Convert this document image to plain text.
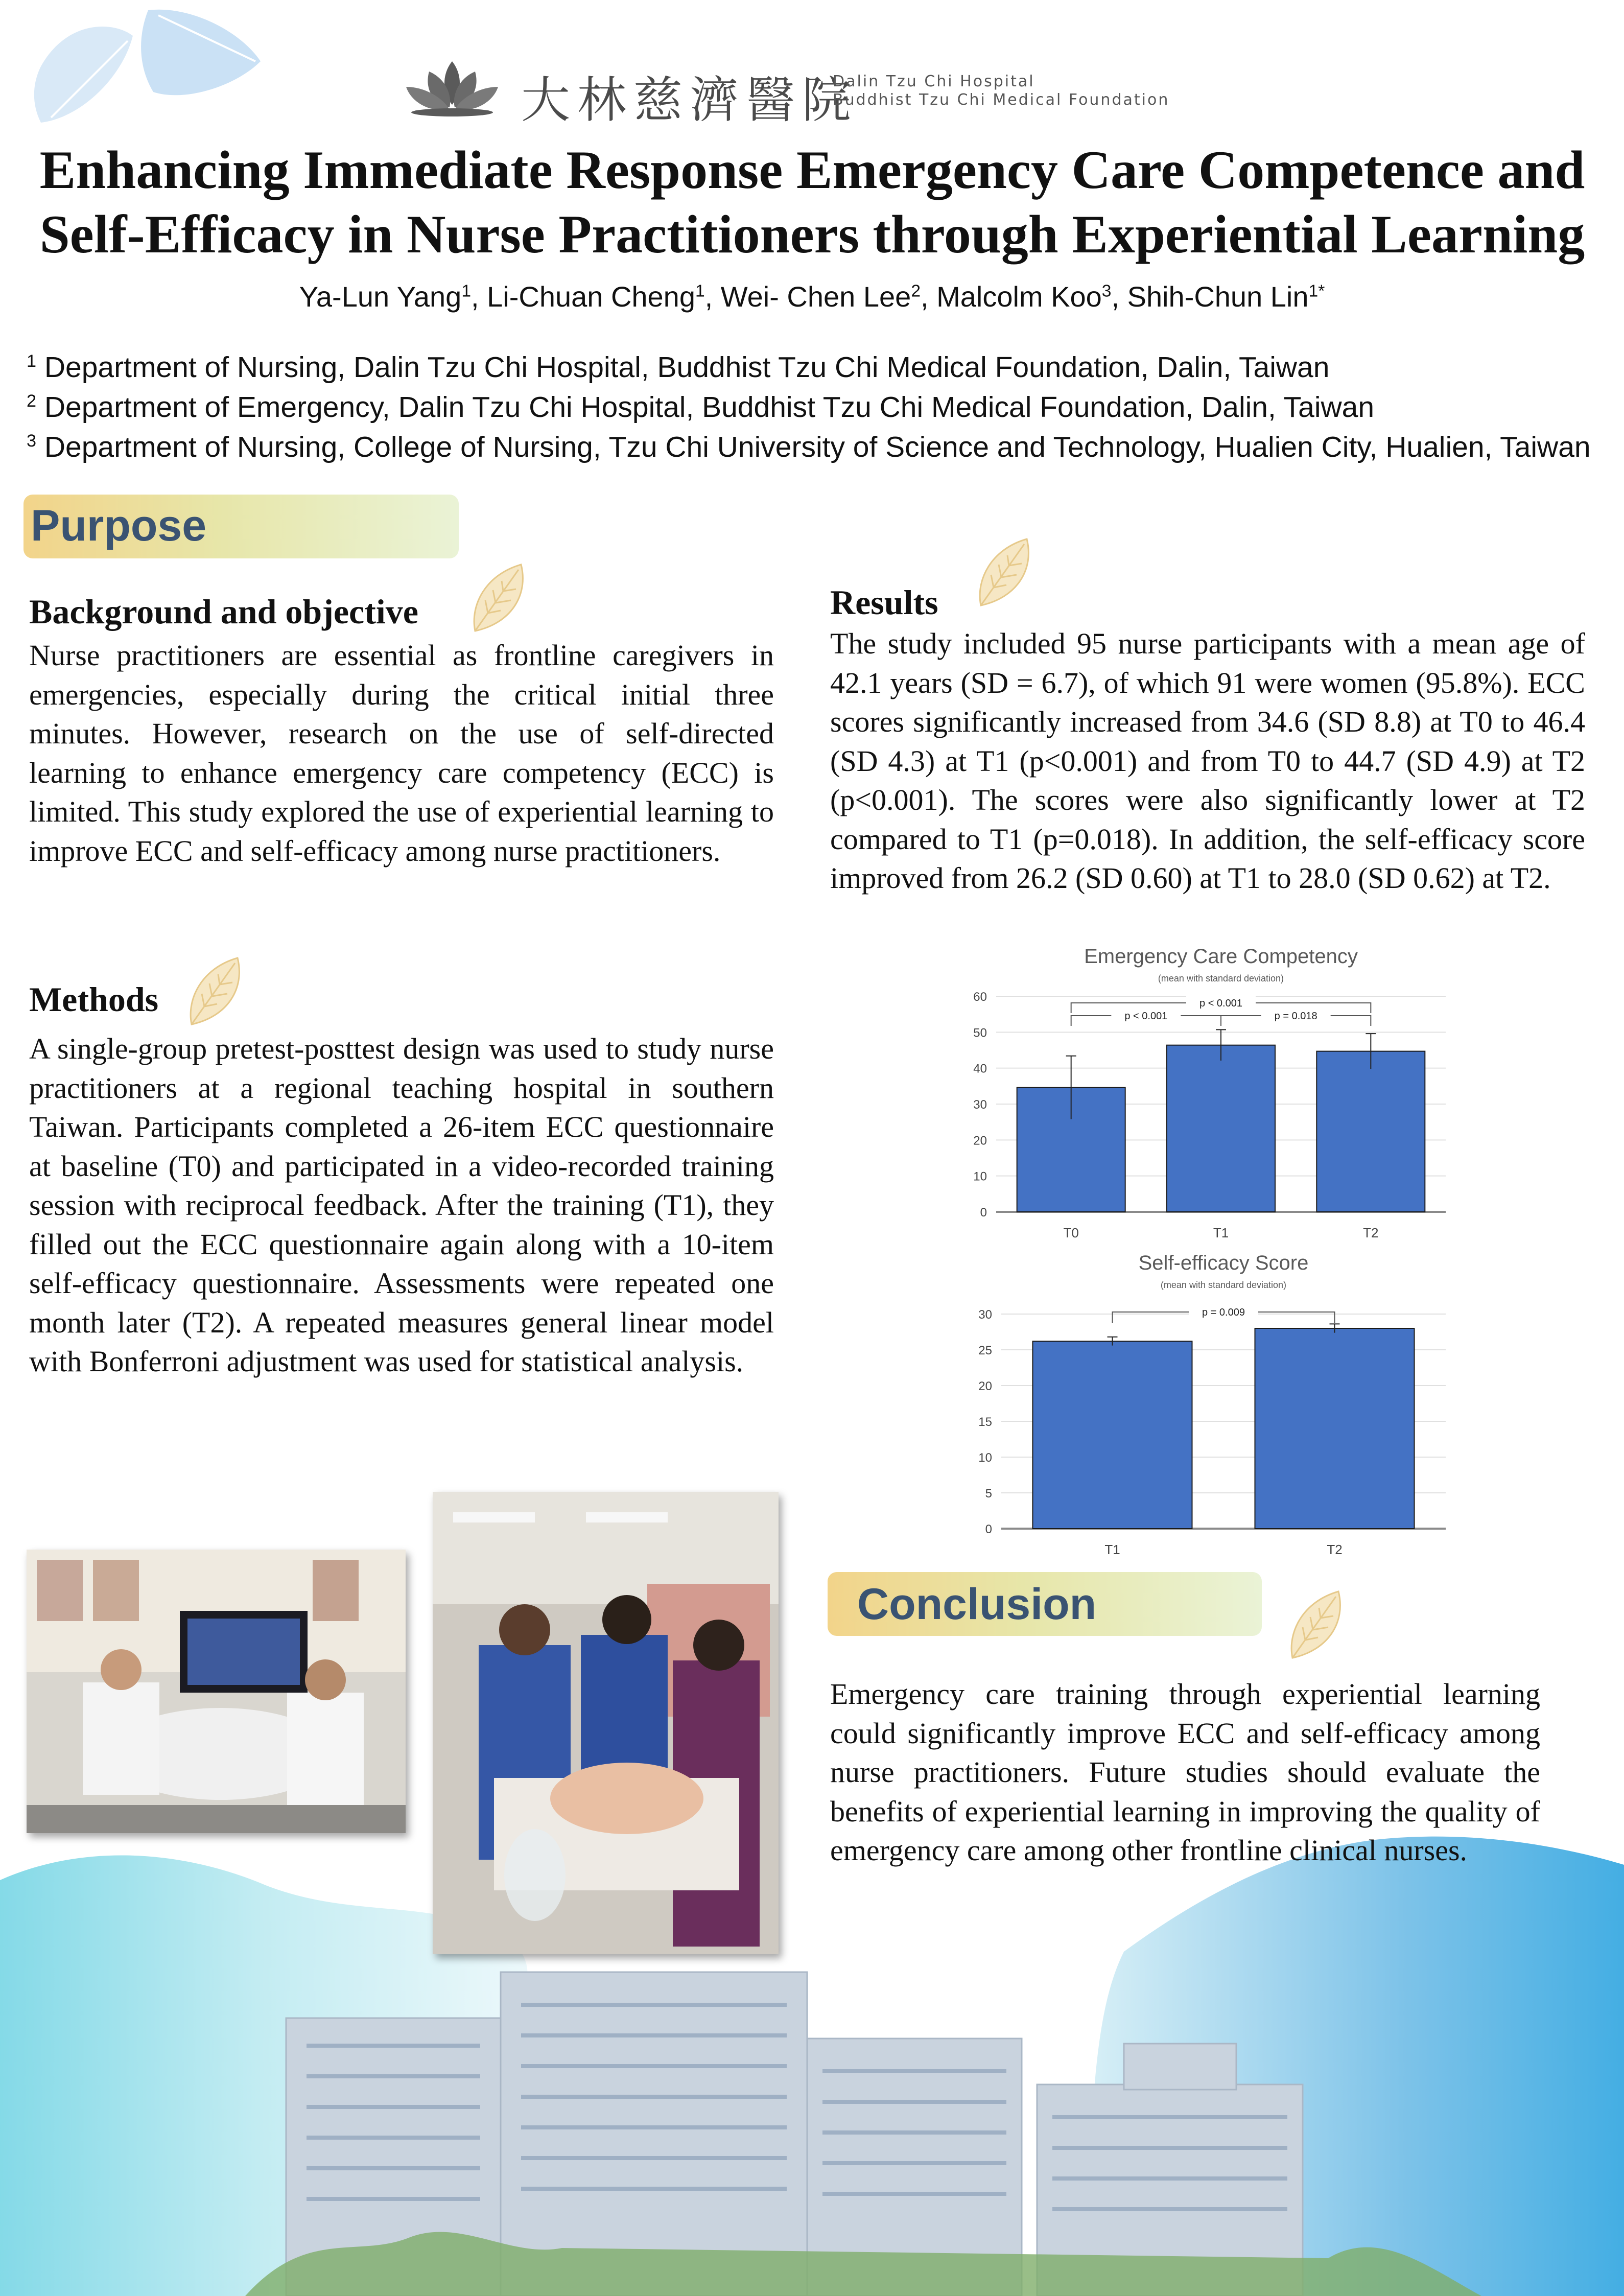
大林慈濟醫院
Dalin Tzu Chi Hospital
Buddhist Tzu Chi Medical Foundation
Enhancing Immediate Response Emergency Care Competence and
Self-Efficacy in Nurse Practitioners through Experiential Learning
Ya-Lun Yang$^1$, Li-Chuan Cheng$^1$, Wei- Chen Lee$^2$, Malcolm Koo$^3$, Shih-Chun Lin$^{1*}$
$^1$ Department of Nursing, Dalin Tzu Chi Hospital, Buddhist Tzu Chi Medical Foundation, Dalin, Taiwan
$^2$ Department of Emergency, Dalin Tzu Chi Hospital, Buddhist Tzu Chi Medical Foundation, Dalin, Taiwan
$^3$ Department of Nursing, College of Nursing, Tzu Chi University of Science and Technology, Hualien City, Hualien, Taiwan
Purpose
Background and objective
Nurse practitioners are essential as frontline caregivers in emergencies, especially during the critical initial three minutes. However, research on the use of self-directed learning to enhance emergency care competency (ECC) is limited. This study explored the use of experiential learning to improve ECC and self-efficacy among nurse practitioners.
Methods
A single-group pretest-posttest design was used to study nurse practitioners at a regional teaching hospital in southern Taiwan. Participants completed a 26-item ECC questionnaire at baseline (T0) and participated in a video-recorded training session with reciprocal feedback. After the training (T1), they filled out the ECC questionnaire again along with a 10-item self-efficacy questionnaire. Assessments were repeated one month later (T2). A repeated measures general linear model with Bonferroni adjustment was used for statistical analysis.
Results
The study included 95 nurse participants with a mean age of 42.1 years (SD = 6.7), of which 91 were women (95.8%). ECC scores significantly increased from 34.6 (SD 8.8) at T0 to 46.4 (SD 4.3) at T1 (p<0.001) and from T0 to 44.7 (SD 4.9) at T2 (p<0.001). The scores were also significantly lower at T2 compared to T1 (p=0.018). In addition, the self-efficacy score improved from 26.2 (SD 0.60) at T1 to 28.0 (SD 0.62) at T2.
Emergency Care Competency
(mean with standard deviation)
0
10
20
30
40
50
60
T0	T1	T2
p < 0.001
p < 0.001
p = 0.018
Self-efficacy Score
(mean with standard deviation)
0
5
10
15
20
25
30
T1	T2
p = 0.009
Conclusion
Emergency care training through experiential learning could significantly improve ECC and self-efficacy among nurse practitioners. Future studies should evaluate the benefits of experiential learning in improving the quality of emergency care among other frontline clinical nurses.
